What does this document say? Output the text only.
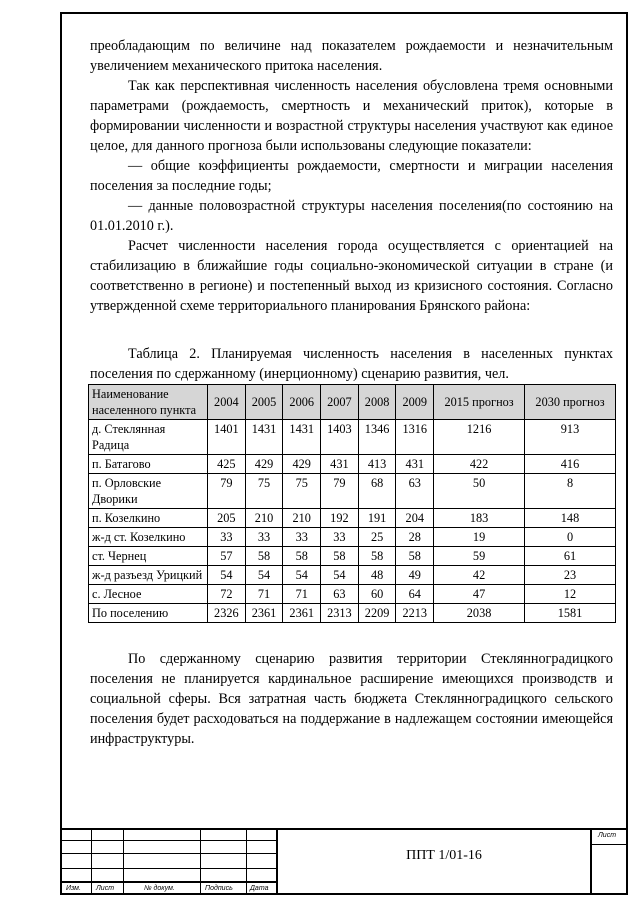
преобладающим по величине над показателем рождаемости и незначительным увеличением механического притока населения.

Так как перспективная численность населения обусловлена тремя основными параметрами (рождаемость, смертность и механический приток), которые в формировании численности и возрастной структуры населения участвуют как единое целое, для данного прогноза были использованы следующие показатели:

— общие коэффициенты рождаемости, смертности и миграции населения поселения за последние годы;

— данные половозрастной структуры населения поселения(по состоянию на 01.01.2010 г.).

Расчет численности населения города осуществляется с ориентацией на стабилизацию в ближайшие годы социально-экономической ситуации в стране (и соответственно в регионе) и постепенный выход из кризисного состояния. Согласно утвержденной схеме территориального планирования Брянского района:

Таблица 2. Планируемая численность населения в населенных пунктах поселения по сдержанному (инерционному) сценарию развития, чел.

Наименование населенного пункта	2004	2005	2006	2007	2008	2009	2015 прогноз	2030 прогноз
д. Стеклянная Радица	1401	1431	1431	1403	1346	1316	1216	913
п. Батагово	425	429	429	431	413	431	422	416
п. Орловские Дворики	79	75	75	79	68	63	50	8
п. Козелкино	205	210	210	192	191	204	183	148
ж-д ст. Козелкино	33	33	33	33	25	28	19	0
ст. Чернец	57	58	58	58	58	58	59	61
ж-д разъезд Урицкий	54	54	54	54	48	49	42	23
с. Лесное	72	71	71	63	60	64	47	12
По поселению	2326	2361	2361	2313	2209	2213	2038	1581

По сдержанному сценарию развития территории Стеклянноградицкого поселения не планируется кардинальное расширение имеющихся производств и социальной сферы. Вся затратная часть бюджета Стеклянноградицкого сельского поселения будет расходоваться на поддержание в надлежащем состоянии имеющейся инфраструктуры.

Изм. Лист	№ докум.	Подпись Дата
Лист
ППТ 1/01-16
